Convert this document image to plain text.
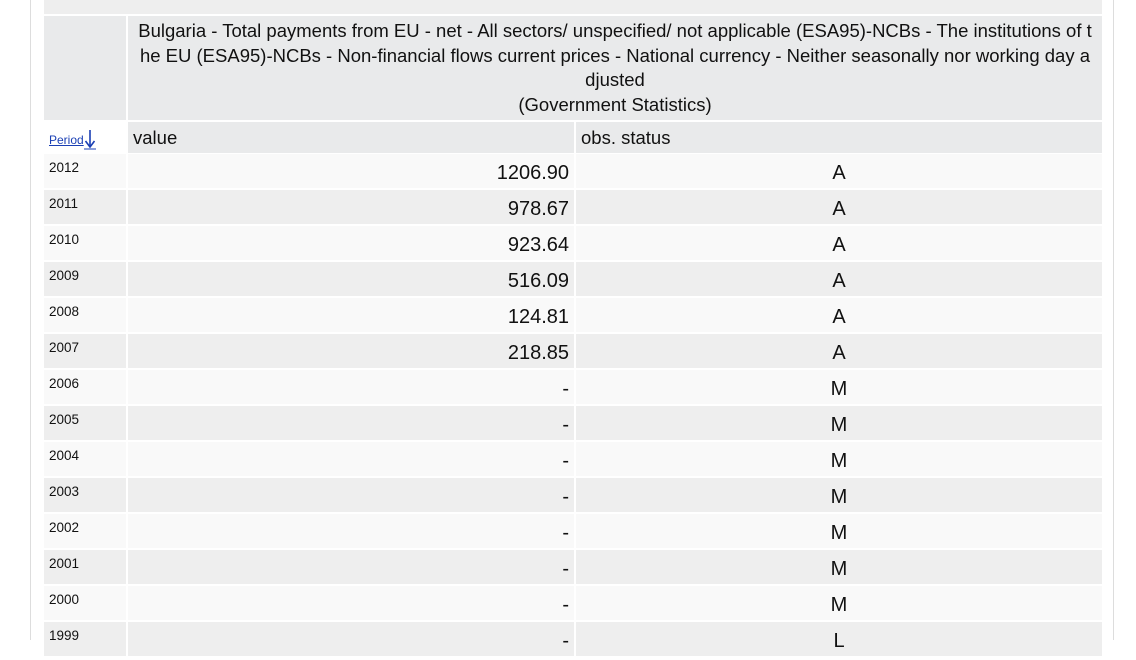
Bulgaria - Total payments from EU - net - All sectors/ unspecified/ not applicable (ESA95)-NCBs - The institutions of the EU (ESA95)-NCBs - Non-financial flows current prices - National currency - Neither seasonally nor working day adjusted
(Government Statistics)
Period	value	obs. status
2012	1206.90	A
2011	978.67	A
2010	923.64	A
2009	516.09	A
2008	124.81	A
2007	218.85	A
2006	-	M
2005	-	M
2004	-	M
2003	-	M
2002	-	M
2001	-	M
2000	-	M
1999	-	L
